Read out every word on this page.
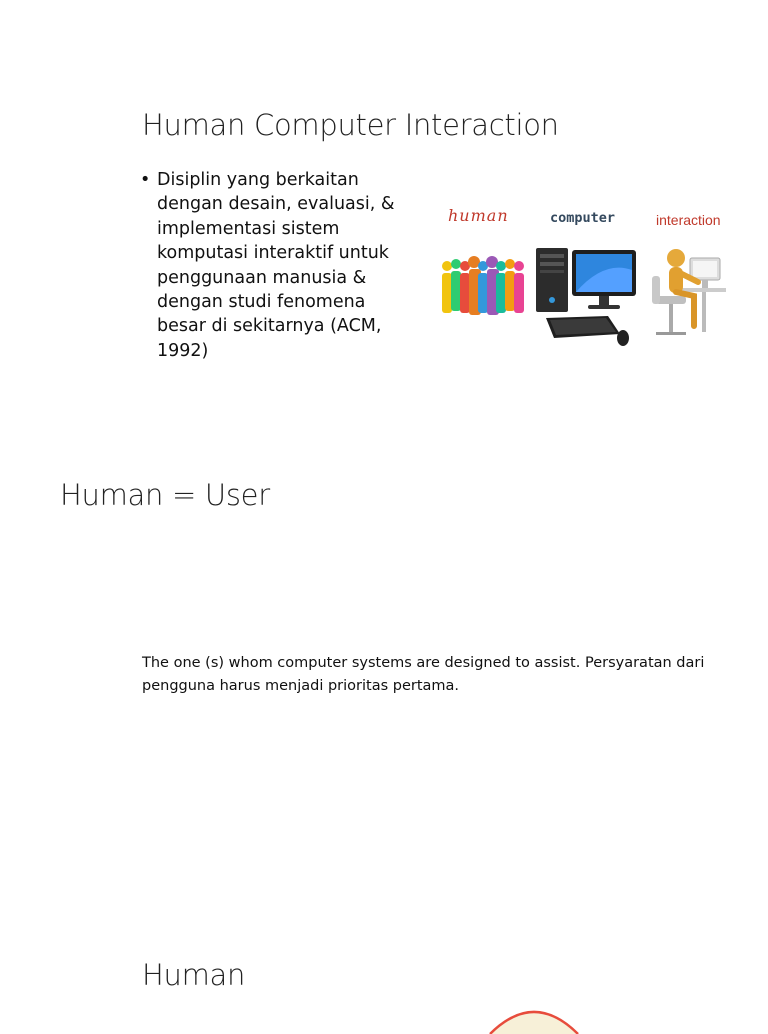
Human Computer Interaction
• Disiplin yang berkaitan dengan desain, evaluasi, & implementasi sistem komputasi interaktif untuk penggunaan manusia & dengan studi fenomena besar di sekitarnya (ACM, 1992)
human	computer	interaction
Human = User
The one (s) whom computer systems are designed to assist. Persyaratan dari pengguna harus menjadi prioritas pertama.
Human
